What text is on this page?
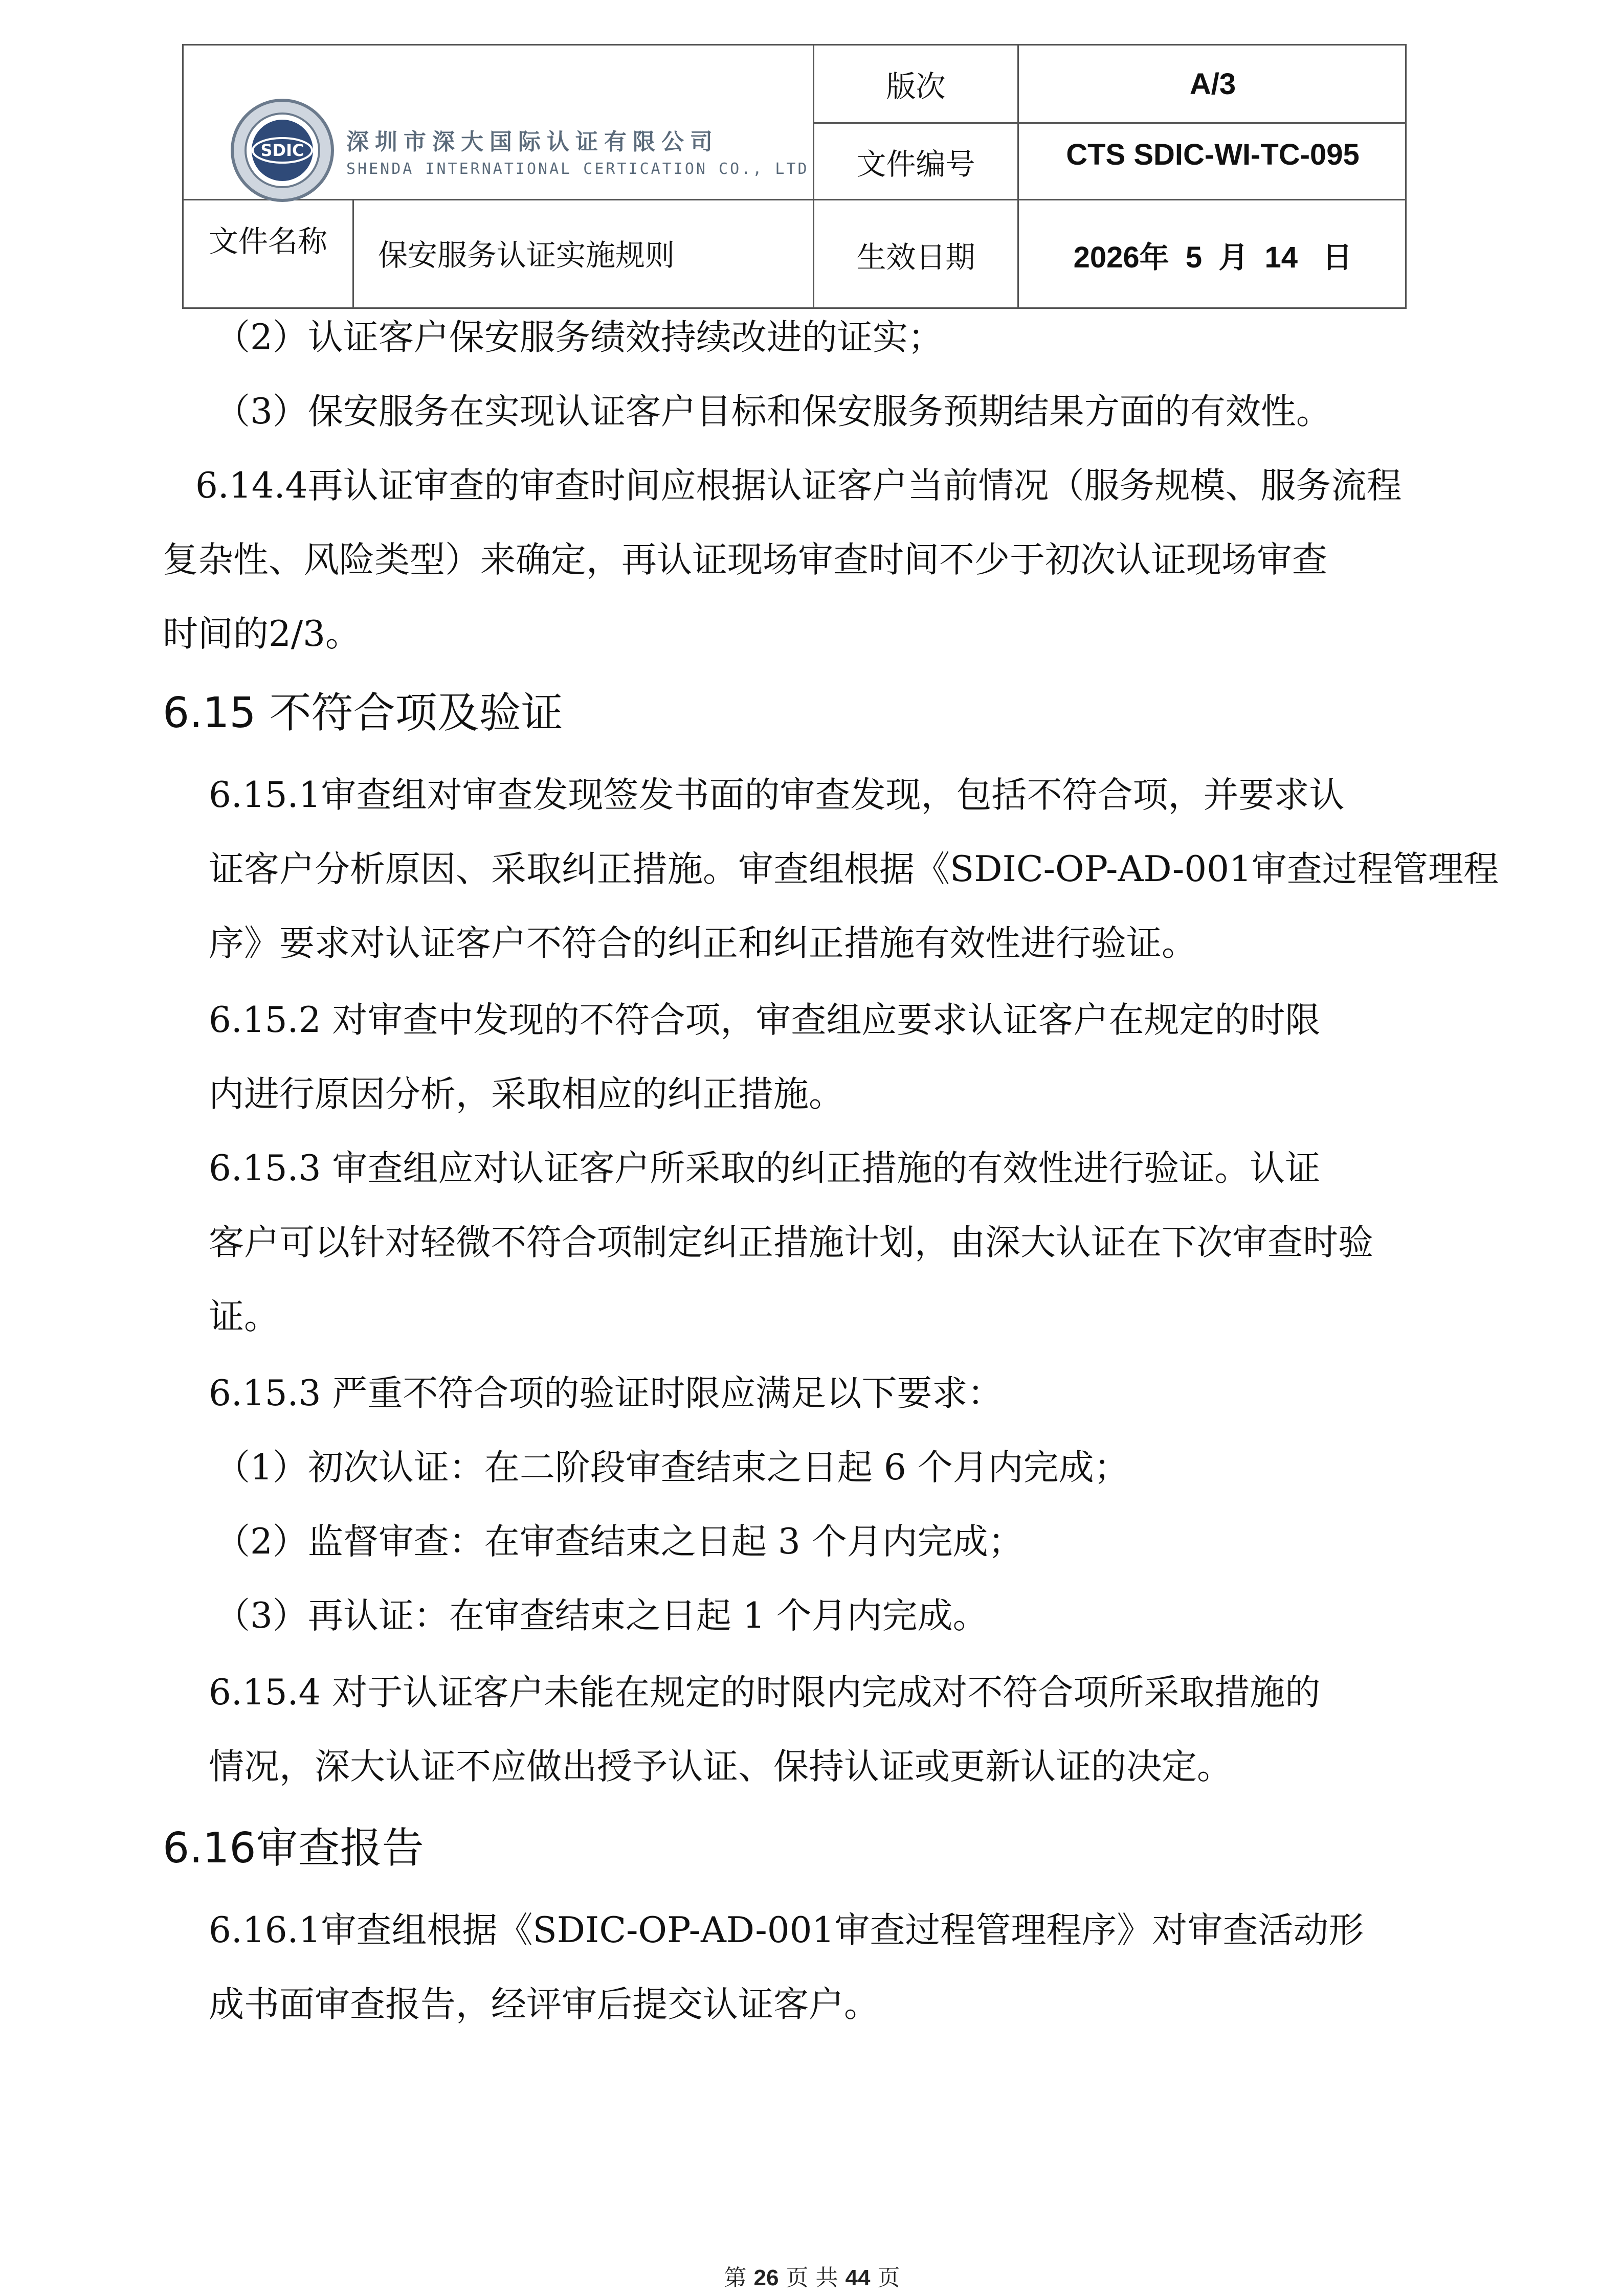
SDIC 深圳市深大国际认证有限公司
SHENDA INTERNATIONAL CERTICATION CO., LTD
版次	A/3
文件编号	CTS SDIC-WI-TC-095
文件名称	保安服务认证实施规则	生效日期	2026年  5  月  14   日
（2）认证客户保安服务绩效持续改进的证实；
（3）保安服务在实现认证客户目标和保安服务预期结果方面的有效性。
6.14.4再认证审查的审查时间应根据认证客户当前情况（服务规模、服务流程
复杂性、风险类型）来确定，再认证现场审查时间不少于初次认证现场审查
时间的2/3。
6.15 不符合项及验证
6.15.1审查组对审查发现签发书面的审查发现，包括不符合项，并要求认
证客户分析原因、采取纠正措施。审查组根据《SDIC-OP-AD-001审查过程管理程
序》要求对认证客户不符合的纠正和纠正措施有效性进行验证。
6.15.2 对审查中发现的不符合项，审查组应要求认证客户在规定的时限
内进行原因分析，采取相应的纠正措施。
6.15.3 审查组应对认证客户所采取的纠正措施的有效性进行验证。认证
客户可以针对轻微不符合项制定纠正措施计划，由深大认证在下次审查时验
证。
6.15.3 严重不符合项的验证时限应满足以下要求：
（1）初次认证：在二阶段审查结束之日起 6 个月内完成；
（2）监督审查：在审查结束之日起 3 个月内完成；
（3）再认证：在审查结束之日起 1 个月内完成。
6.15.4 对于认证客户未能在规定的时限内完成对不符合项所采取措施的
情况，深大认证不应做出授予认证、保持认证或更新认证的决定。
6.16审查报告
6.16.1审查组根据《SDIC-OP-AD-001审查过程管理程序》对审查活动形
成书面审查报告，经评审后提交认证客户。
第 26 页 共 44 页
